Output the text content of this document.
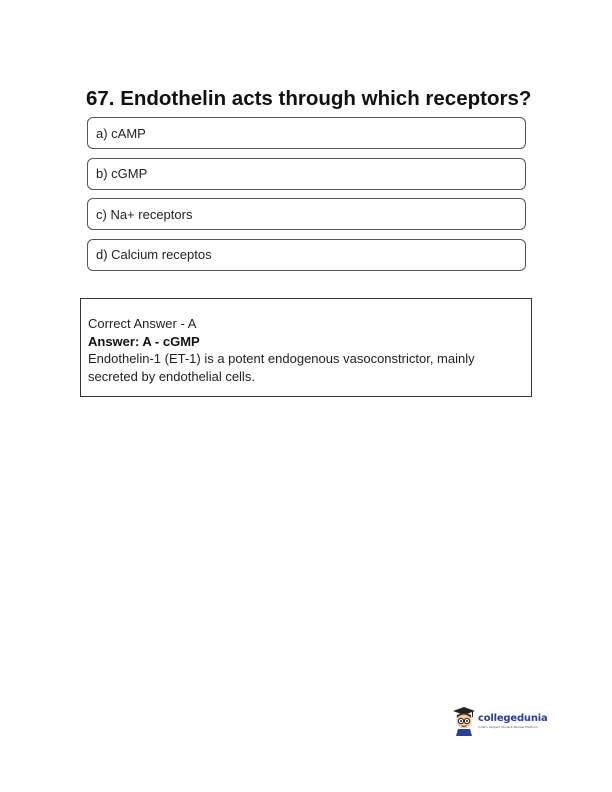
67. Endothelin acts through which receptors?
a) cAMP
b) cGMP
c) Na+ receptors
d) Calcium receptos

Correct Answer - A

Answer: A - cGMP

Endothelin-1 (ET-1) is a potent endogenous vasoconstrictor, mainly secreted by endothelial cells.

collegedunia
India's Largest Student Review Platform
